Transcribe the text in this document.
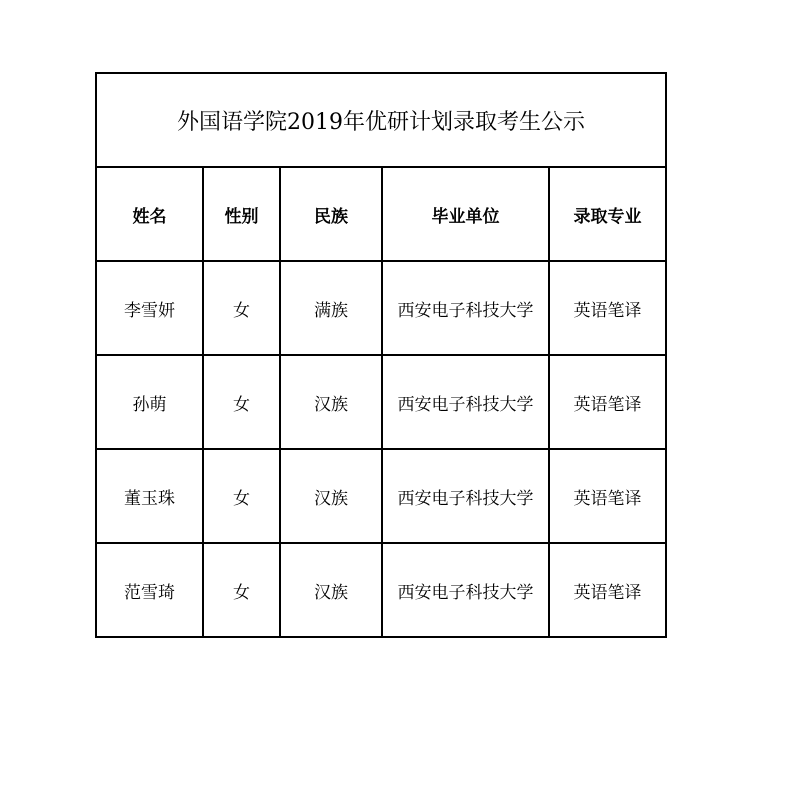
外国语学院2019年优研计划录取考生公示				
姓名	性别	民族	毕业单位	录取专业
李雪妍	女	满族	西安电子科技大学	英语笔译
孙萌	女	汉族	西安电子科技大学	英语笔译
董玉珠	女	汉族	西安电子科技大学	英语笔译
范雪琦	女	汉族	西安电子科技大学	英语笔译
